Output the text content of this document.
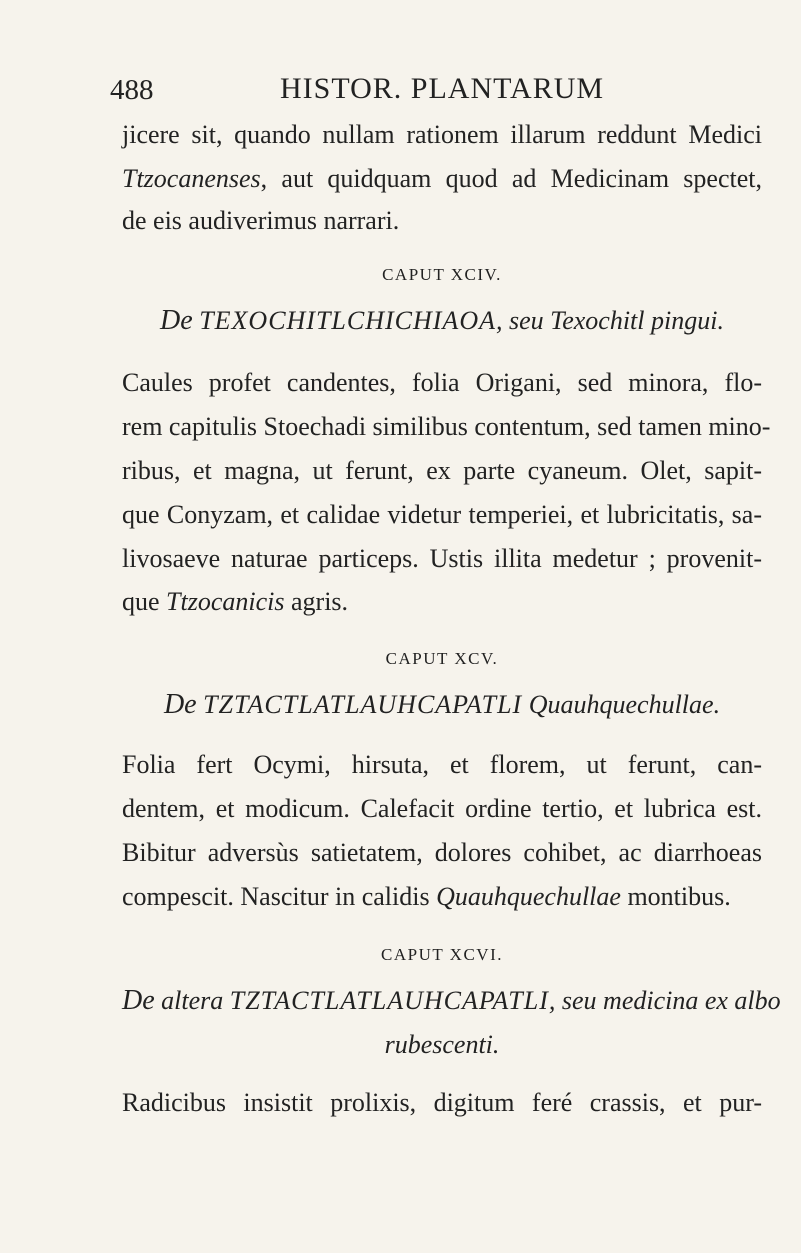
488	HISTOR. PLANTARUM
jicere sit, quando nullam rationem illarum reddunt Medici
Ttzocanenses, aut quidquam quod ad Medicinam spectet,
de eis audiverimus narrari.
CAPUT XCIV.
De TEXOCHITLCHICHIAOA, seu Texochitl pingui.
Caules profet candentes, folia Origani, sed minora, flo-
rem capitulis Stoechadi similibus contentum, sed tamen mino-
ribus, et magna, ut ferunt, ex parte cyaneum. Olet, sapit-
que Conyzam, et calidae videtur temperiei, et lubricitatis, sa-
livosaeve naturae particeps. Ustis illita medetur ; provenit-
que Ttzocanicis agris.
CAPUT XCV.
De TZTACTLATLAUHCAPATLI Quauhquechullae.
Folia fert Ocymi, hirsuta, et florem, ut ferunt, can-
dentem, et modicum. Calefacit ordine tertio, et lubrica est.
Bibitur adversùs satietatem, dolores cohibet, ac diarrhoeas
compescit. Nascitur in calidis Quauhquechullae montibus.
CAPUT XCVI.
De altera TZTACTLATLAUHCAPATLI, seu medicina ex albo
rubescenti.
Radicibus insistit prolixis, digitum feré crassis, et pur-
